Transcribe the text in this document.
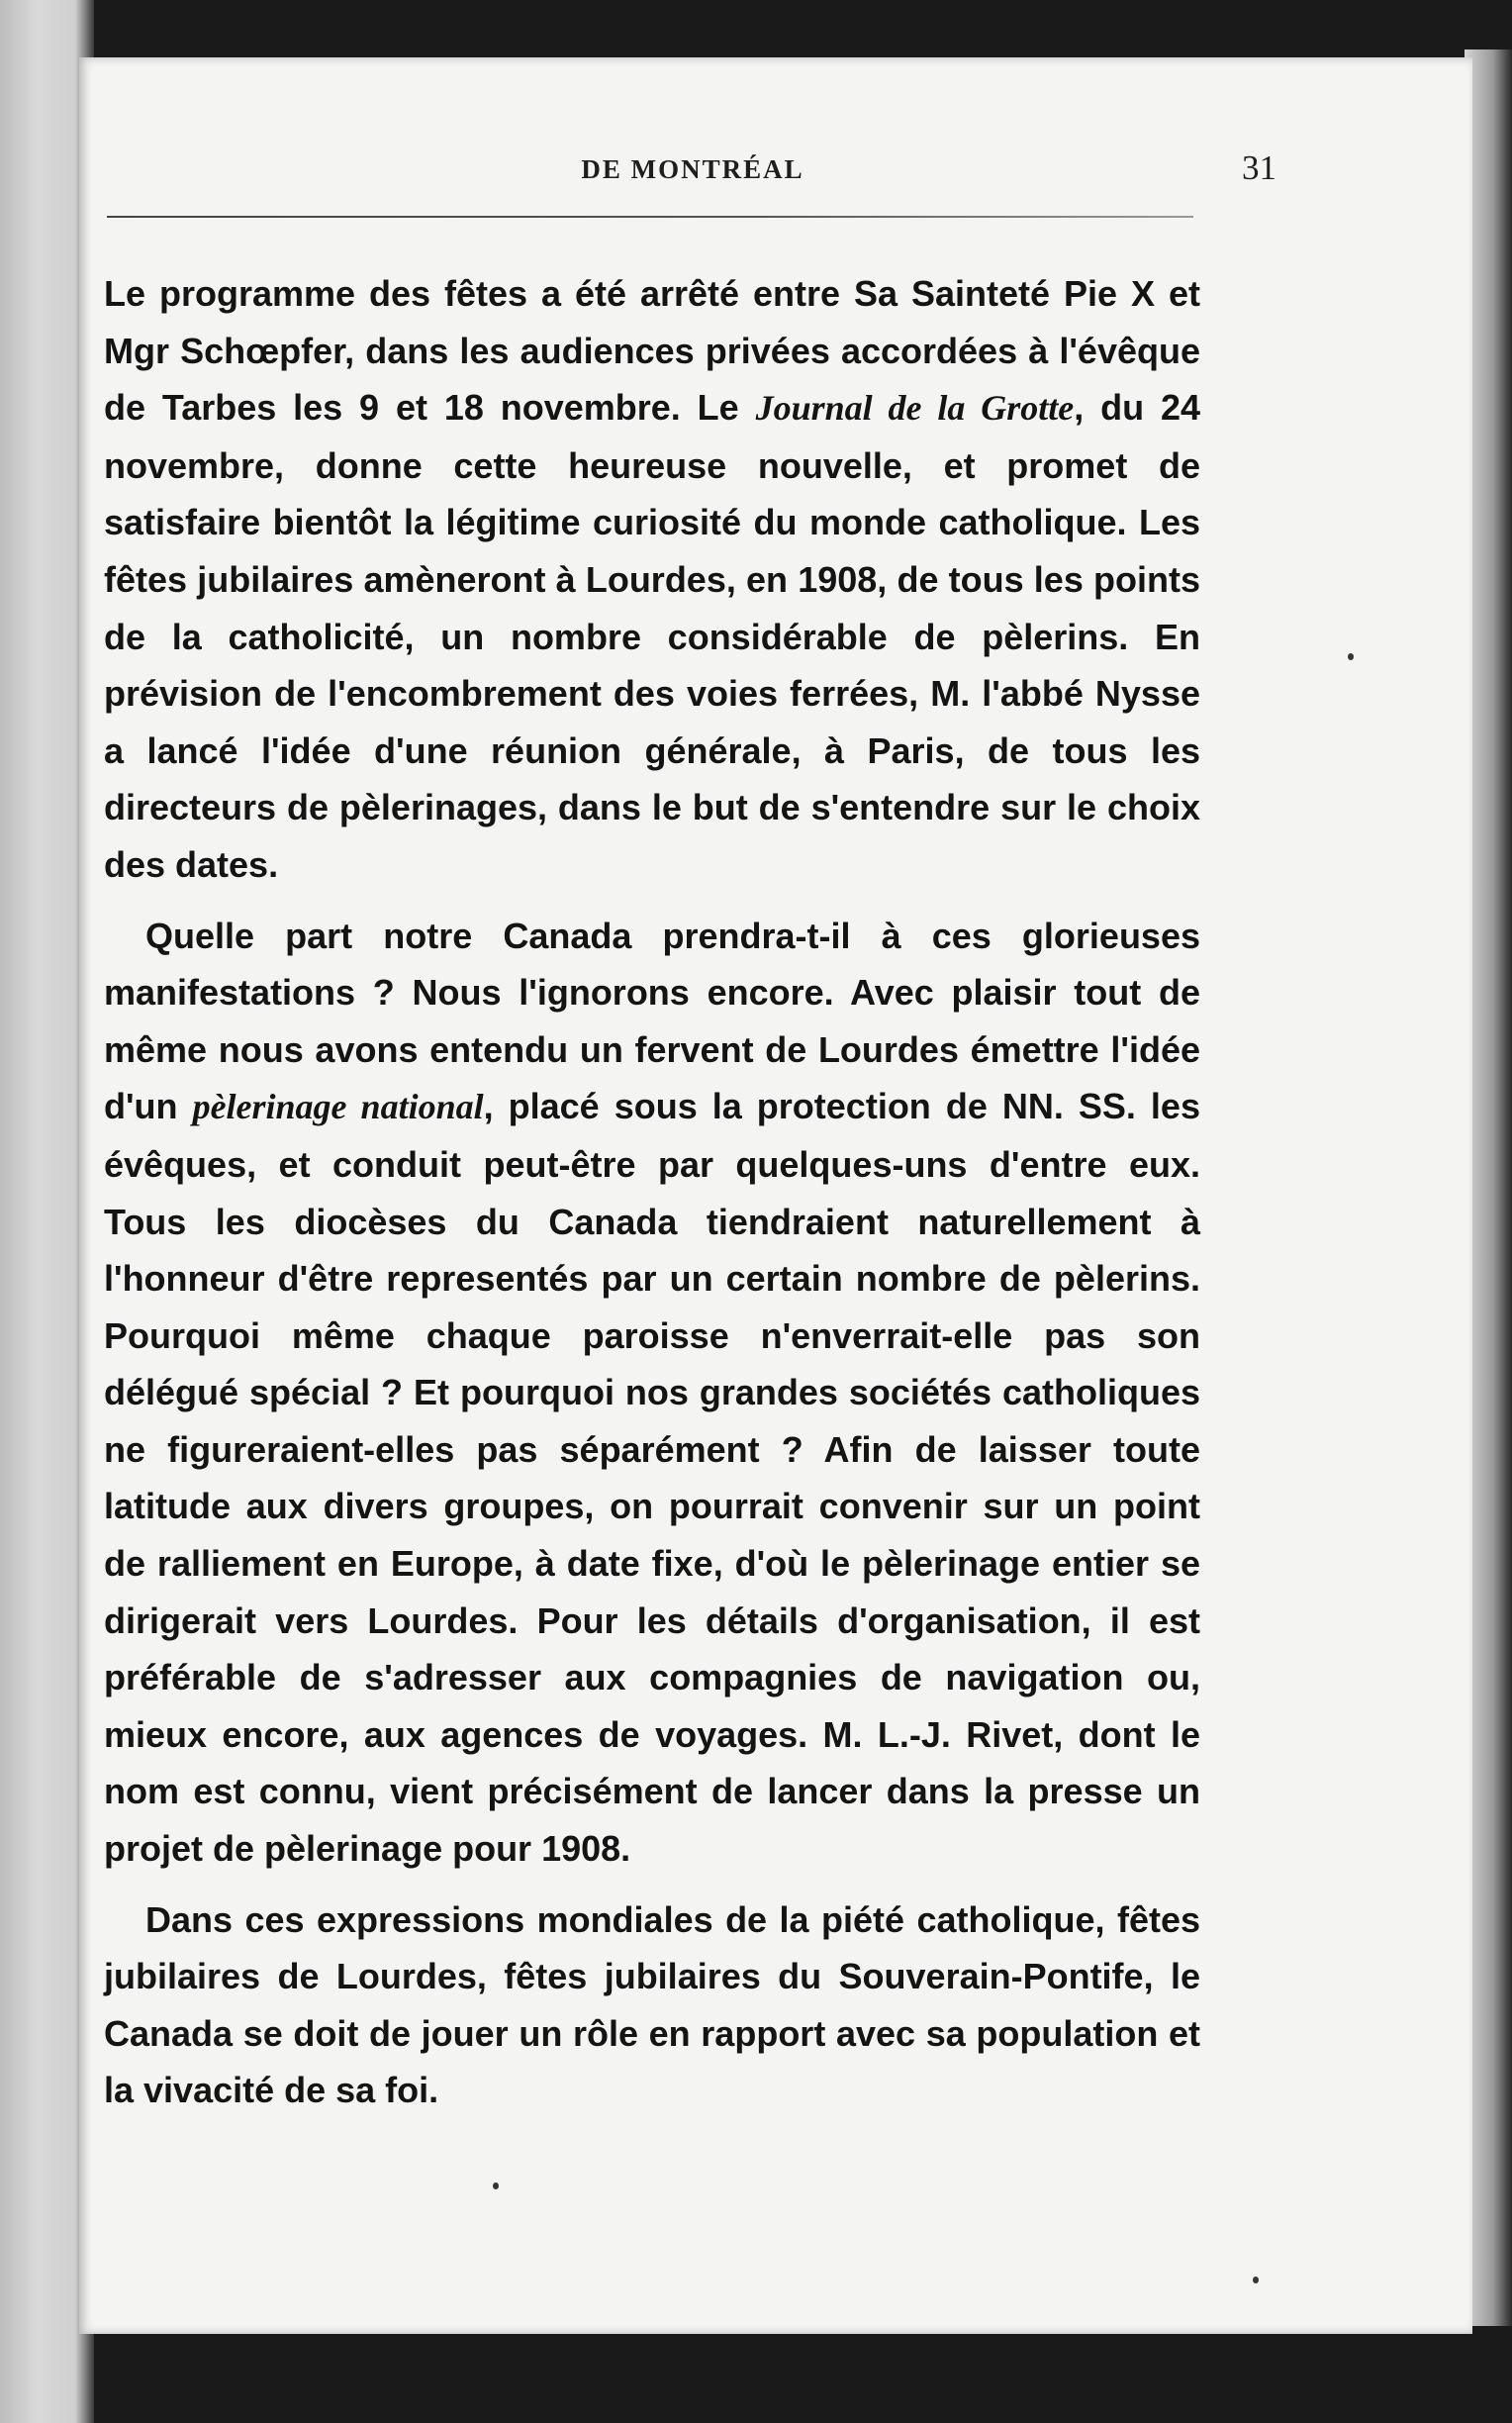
DE MONTRÉAL	31

Le programme des fêtes a été arrêté entre Sa Sainteté Pie X et Mgr Schœpfer, dans les audiences privées accordées à l'évêque de Tarbes les 9 et 18 novembre. Le Journal de la Grotte, du 24 novembre, donne cette heureuse nouvelle, et promet de satisfaire bientôt la légitime curiosité du monde catholique. Les fêtes jubilaires amèneront à Lourdes, en 1908, de tous les points de la catholicité, un nombre considérable de pèlerins. En prévision de l'encombrement des voies ferrées, M. l'abbé Nysse a lancé l'idée d'une réunion générale, à Paris, de tous les directeurs de pèlerinages, dans le but de s'entendre sur le choix des dates.

Quelle part notre Canada prendra-t-il à ces glorieuses manifestations ? Nous l'ignorons encore. Avec plaisir tout de même nous avons entendu un fervent de Lourdes émettre l'idée d'un pèlerinage national, placé sous la protection de NN. SS. les évêques, et conduit peut-être par quelques-uns d'entre eux. Tous les diocèses du Canada tiendraient naturellement à l'honneur d'être representés par un certain nombre de pèlerins. Pourquoi même chaque paroisse n'enverrait-elle pas son délégué spécial ? Et pourquoi nos grandes sociétés catholiques ne figureraient-elles pas séparément ? Afin de laisser toute latitude aux divers groupes, on pourrait convenir sur un point de ralliement en Europe, à date fixe, d'où le pèlerinage entier se dirigerait vers Lourdes. Pour les détails d'organisation, il est préférable de s'adresser aux compagnies de navigation ou, mieux encore, aux agences de voyages. M. L.-J. Rivet, dont le nom est connu, vient précisément de lancer dans la presse un projet de pèlerinage pour 1908.

Dans ces expressions mondiales de la piété catholique, fêtes jubilaires de Lourdes, fêtes jubilaires du Souverain-Pontife, le Canada se doit de jouer un rôle en rapport avec sa population et la vivacité de sa foi.
